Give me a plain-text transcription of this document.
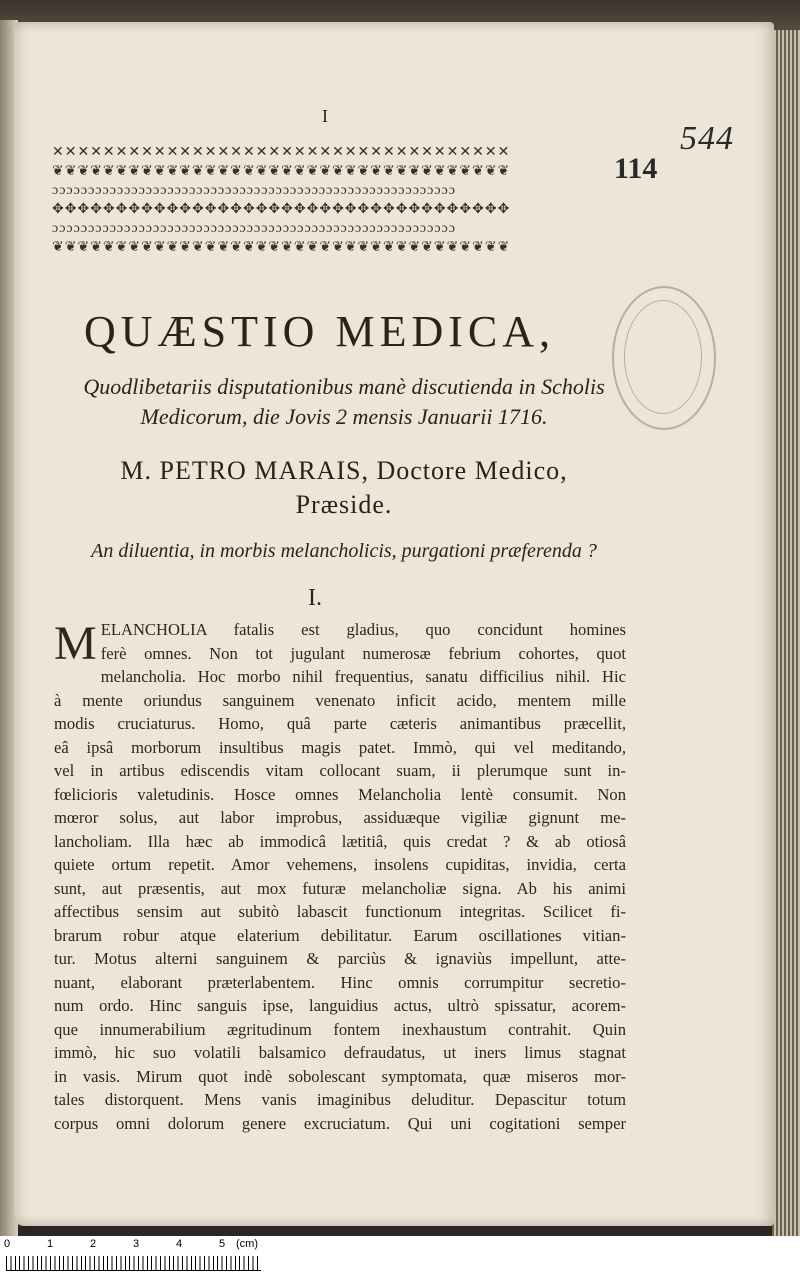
I
544
114
✕✕✕✕✕✕✕✕✕✕✕✕✕✕✕✕✕✕✕✕✕✕✕✕✕✕✕✕✕✕✕✕✕✕✕✕
❦❦❦❦❦❦❦❦❦❦❦❦❦❦❦❦❦❦❦❦❦❦❦❦❦❦❦❦❦❦❦❦❦❦❦❦
ɔɔɔɔɔɔɔɔɔɔɔɔɔɔɔɔɔɔɔɔɔɔɔɔɔɔɔɔɔɔɔɔɔɔɔɔɔɔɔɔɔɔɔɔɔɔɔɔɔɔɔɔɔɔɔɔ
✥✥✥✥✥✥✥✥✥✥✥✥✥✥✥✥✥✥✥✥✥✥✥✥✥✥✥✥✥✥✥✥✥✥✥✥
ɔɔɔɔɔɔɔɔɔɔɔɔɔɔɔɔɔɔɔɔɔɔɔɔɔɔɔɔɔɔɔɔɔɔɔɔɔɔɔɔɔɔɔɔɔɔɔɔɔɔɔɔɔɔɔɔ
❦❦❦❦❦❦❦❦❦❦❦❦❦❦❦❦❦❦❦❦❦❦❦❦❦❦❦❦❦❦❦❦❦❦❦❦
QUÆSTIO MEDICA,
Quodlibetariis disputationibus manè discutienda in Scholis Medicorum, die Jovis 2 mensis Januarii 1716.
M. PETRO MARAIS, Doctore Medico,
Præside.
An diluentia, in morbis melancholicis, purgationi præferenda ?
I.
M ELANCHOLIA fatalis est gladius, quo concidunt homines
ferè omnes. Non tot jugulant numerosæ febrium cohortes, quot
melancholia. Hoc morbo nihil frequentius, sanatu difficilius nihil. Hic
à mente oriundus sanguinem venenato inficit acido, mentem mille
modis cruciaturus. Homo, quâ parte cæteris animantibus præcellit,
eâ ipsâ morborum insultibus magis patet. Immò, qui vel meditando,
vel in artibus ediscendis vitam collocant suam, ii plerumque sunt in-
fœlicioris valetudinis. Hosce omnes Melancholia lentè consumit. Non
mœror solus, aut labor improbus, assiduæque vigiliæ gignunt me-
lancholiam. Illa hæc ab immodicâ lætitiâ, quis credat ? & ab otiosâ
quiete ortum repetit. Amor vehemens, insolens cupiditas, invidia, certa
sunt, aut præsentis, aut mox futuræ melancholiæ signa. Ab his animi
affectibus sensim aut subitò labascit functionum integritas. Scilicet fi-
brarum robur atque elaterium debilitatur. Earum oscillationes vitian-
tur. Motus alterni sanguinem & parciùs & ignaviùs impellunt, atte-
nuant, elaborant præterlabentem. Hinc omnis corrumpitur secretio-
num ordo. Hinc sanguis ipse, languidius actus, ultrò spissatur, acorem-
que innumerabilium ægritudinum fontem inexhaustum contrahit. Quin
immò, hic suo volatili balsamico defraudatus, ut iners limus stagnat
in vasis. Mirum quot indè sobolescant symptomata, quæ miseros mor-
tales distorquent. Mens vanis imaginibus deluditur. Depascitur totum
corpus omni dolorum genere excruciatum. Qui uni cogitationi semper
0	1	2	3	4	5 (cm)
